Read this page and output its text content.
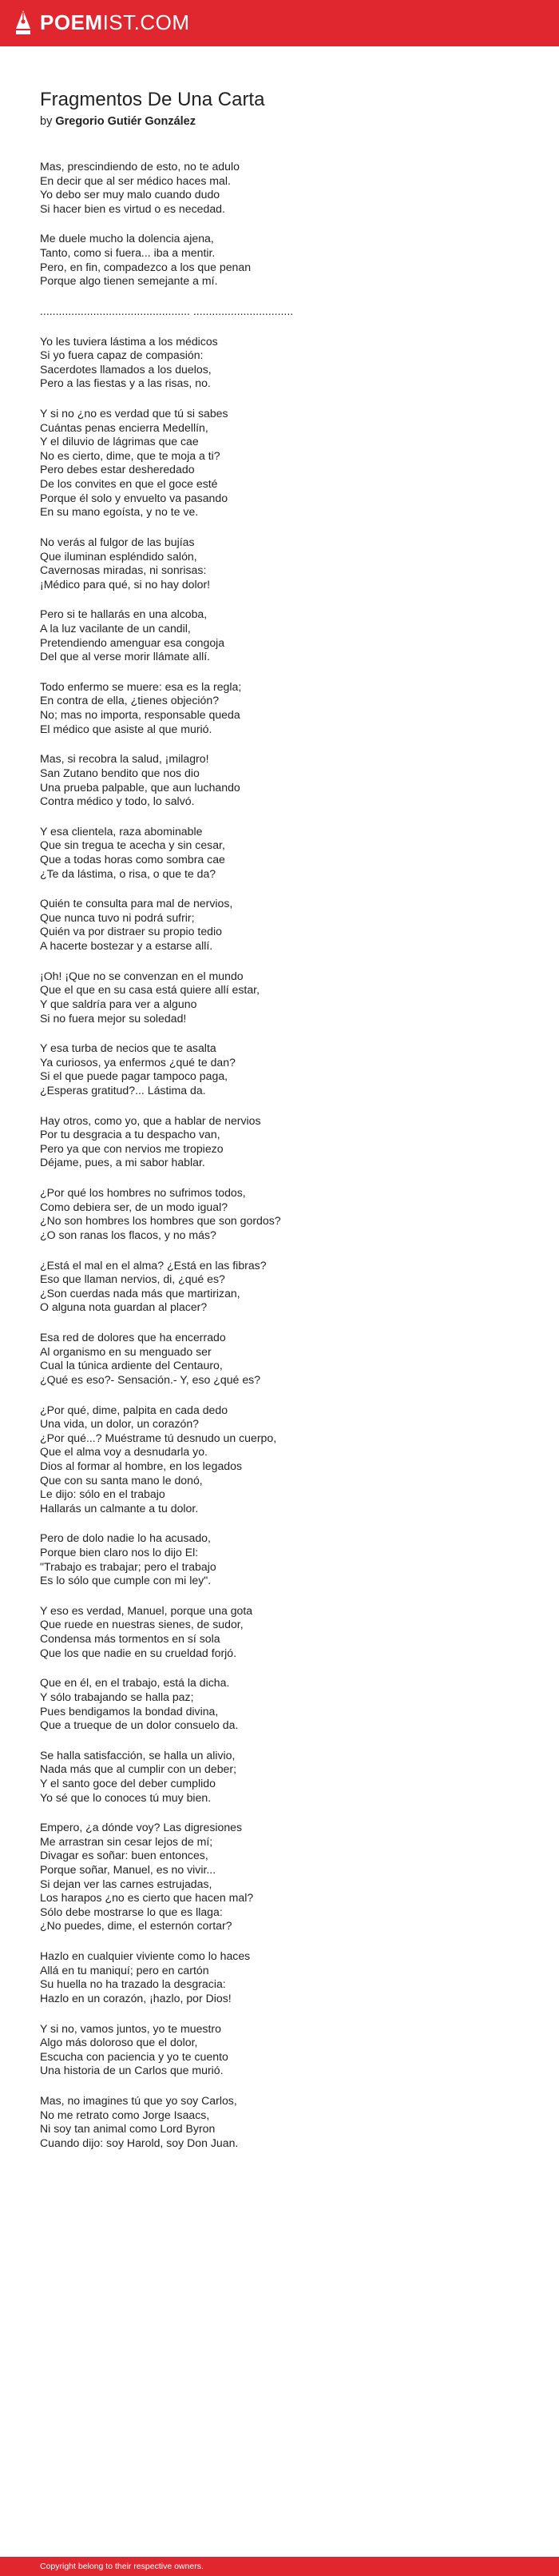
POEMIST.COM
Fragmentos De Una Carta
by Gregorio Gutiér González
Mas, prescindiendo de esto, no te adulo
En decir que al ser médico haces mal.
Yo debo ser muy malo cuando dudo
Si hacer bien es virtud o es necedad.
Me duele mucho la dolencia ajena,
Tanto, como si fuera... iba a mentir.
Pero, en fin, compadezco a los que penan
Porque algo tienen semejante a mí.
................................................ ................................
Yo les tuviera lástima a los médicos
Si yo fuera capaz de compasión:
Sacerdotes llamados a los duelos,
Pero a las fiestas y a las risas, no.
Y si no ¿no es verdad que tú si sabes
Cuántas penas encierra Medellín,
Y el diluvio de lágrimas que cae
No es cierto, dime, que te moja a ti?
Pero debes estar desheredado
De los convites en que el goce esté
Porque él solo y envuelto va pasando
En su mano egoísta, y no te ve.
No verás al fulgor de las bujías
Que iluminan espléndido salón,
Cavernosas miradas, ni sonrisas:
¡Médico para qué, si no hay dolor!
Pero si te hallarás en una alcoba,
A la luz vacilante de un candil,
Pretendiendo amenguar esa congoja
Del que al verse morir llámate allí.
Todo enfermo se muere: esa es la regla;
En contra de ella, ¿tienes objeción?
No; mas no importa, responsable queda
El médico que asiste al que murió.
Mas, si recobra la salud, ¡milagro!
San Zutano bendito que nos dio
Una prueba palpable, que aun luchando
Contra médico y todo, lo salvó.
Y esa clientela, raza abominable
Que sin tregua te acecha y sin cesar,
Que a todas horas como sombra cae
¿Te da lástima, o risa, o que te da?
Quién te consulta para mal de nervios,
Que nunca tuvo ni podrá sufrir;
Quién va por distraer su propio tedio
A hacerte bostezar y a estarse allí.
¡Oh! ¡Que no se convenzan en el mundo
Que el que en su casa está quiere allí estar,
Y que saldría para ver a alguno
Si no fuera mejor su soledad!
Y esa turba de necios que te asalta
Ya curiosos, ya enfermos ¿qué te dan?
Si el que puede pagar tampoco paga,
¿Esperas gratitud?... Lástima da.
Hay otros, como yo, que a hablar de nervios
Por tu desgracia a tu despacho van,
Pero ya que con nervios me tropiezo
Déjame, pues, a mi sabor hablar.
¿Por qué los hombres no sufrimos todos,
Como debiera ser, de un modo igual?
¿No son hombres los hombres que son gordos?
¿O son ranas los flacos, y no más?
¿Está el mal en el alma? ¿Está en las fibras?
Eso que llaman nervios, di, ¿qué es?
¿Son cuerdas nada más que martirizan,
O alguna nota guardan al placer?
Esa red de dolores que ha encerrado
Al organismo en su menguado ser
Cual la túnica ardiente del Centauro,
¿Qué es eso?- Sensación.- Y, eso ¿qué es?
¿Por qué, dime, palpita en cada dedo
Una vida, un dolor, un corazón?
¿Por qué...? Muéstrame tú desnudo un cuerpo,
Que el alma voy a desnudarla yo.
Dios al formar al hombre, en los legados
Que con su santa mano le donó,
Le dijo: sólo en el trabajo
Hallarás un calmante a tu dolor.
Pero de dolo nadie lo ha acusado,
Porque bien claro nos lo dijo El:
"Trabajo es trabajar; pero el trabajo
Es lo sólo que cumple con mi ley".
Y eso es verdad, Manuel, porque una gota
Que ruede en nuestras sienes, de sudor,
Condensa más tormentos en sí sola
Que los que nadie en su crueldad forjó.
Que en él, en el trabajo, está la dicha.
Y sólo trabajando se halla paz;
Pues bendigamos la bondad divina,
Que a trueque de un dolor consuelo da.
Se halla satisfacción, se halla un alivio,
Nada más que al cumplir con un deber;
Y el santo goce del deber cumplido
Yo sé que lo conoces tú muy bien.
Empero, ¿a dónde voy? Las digresiones
Me arrastran sin cesar lejos de mí;
Divagar es soñar: buen entonces,
Porque soñar, Manuel, es no vivir...
Si dejan ver las carnes estrujadas,
Los harapos ¿no es cierto que hacen mal?
Sólo debe mostrarse lo que es llaga:
¿No puedes, dime, el esternón cortar?
Hazlo en cualquier viviente como lo haces
Allá en tu maniquí; pero en cartón
Su huella no ha trazado la desgracia:
Hazlo en un corazón, ¡hazlo, por Dios!
Y si no, vamos juntos, yo te muestro
Algo más doloroso que el dolor,
Escucha con paciencia y yo te cuento
Una historia de un Carlos que murió.
Mas, no imagines tú que yo soy Carlos,
No me retrato como Jorge Isaacs,
Ni soy tan animal como Lord Byron
Cuando dijo: soy Harold, soy Don Juan.
Copyright belong to their respective owners.
